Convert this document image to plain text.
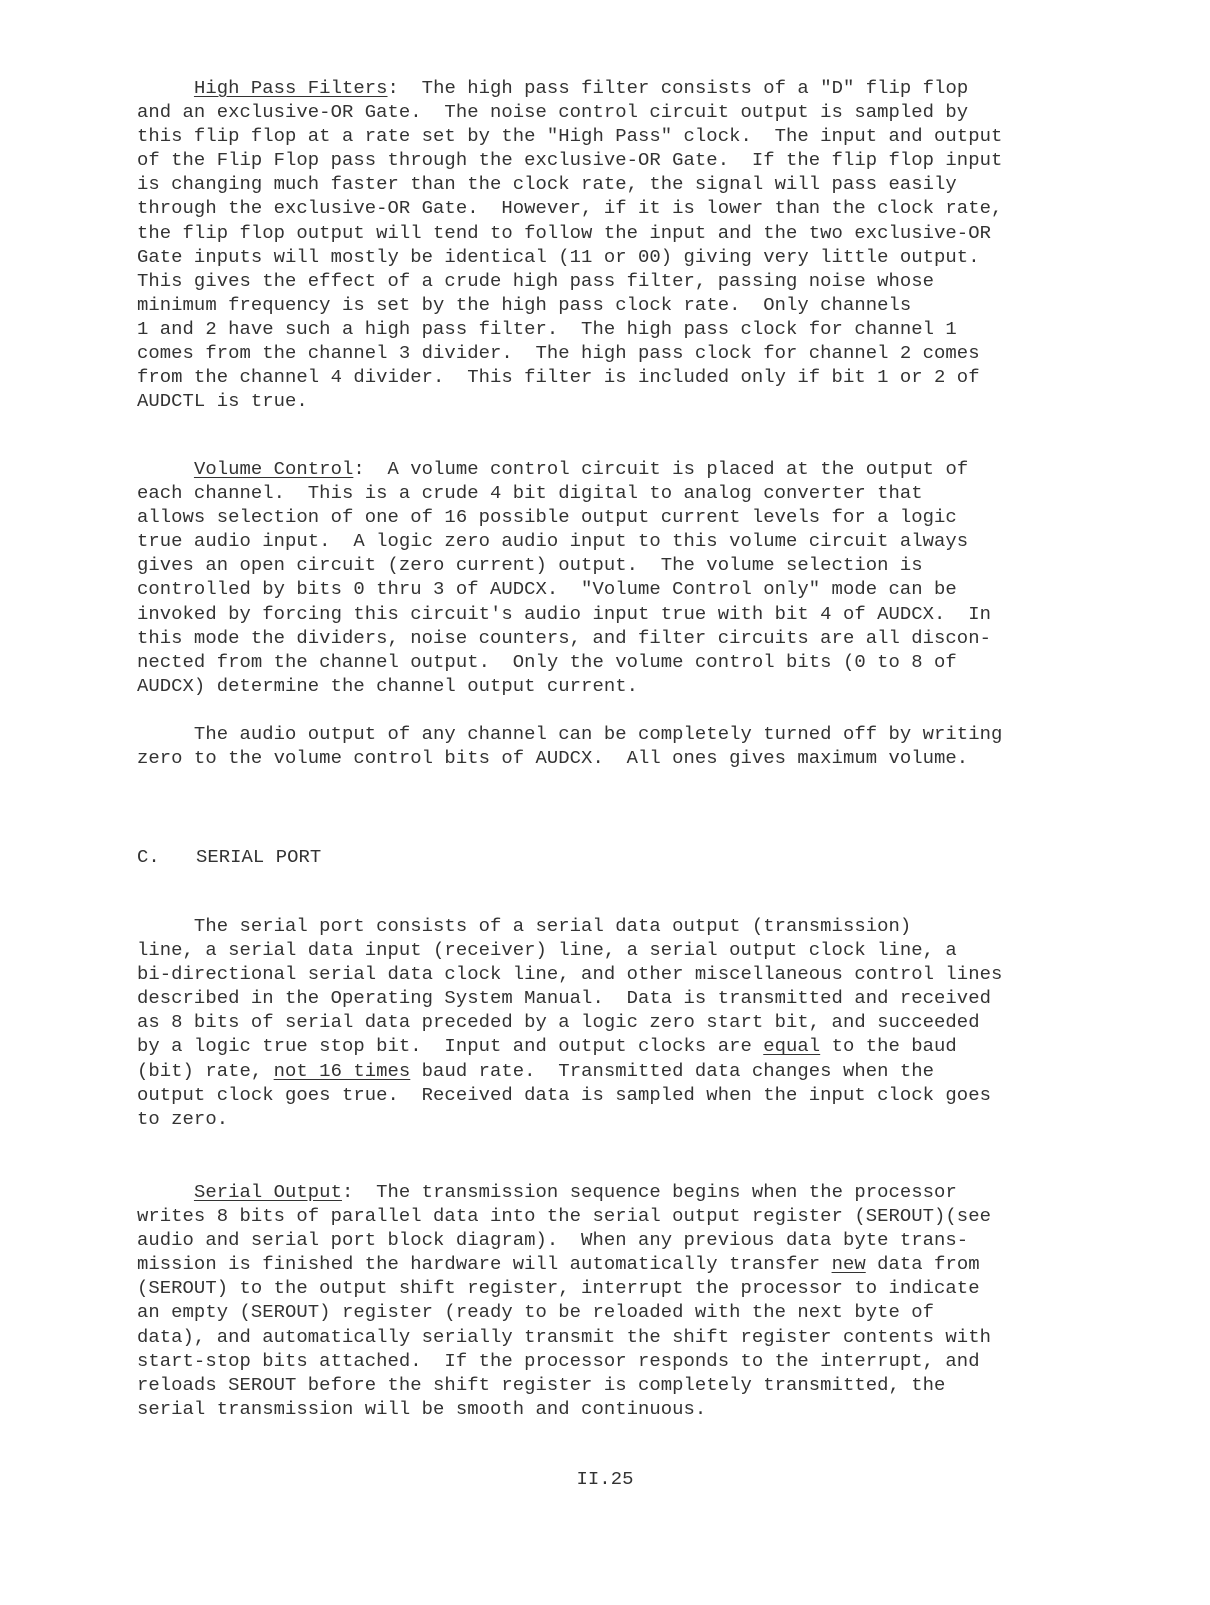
High Pass Filters:  The high pass filter consists of a "D" flip flop
and an exclusive-OR Gate.  The noise control circuit output is sampled by
this flip flop at a rate set by the "High Pass" clock.  The input and output
of the Flip Flop pass through the exclusive-OR Gate.  If the flip flop input
is changing much faster than the clock rate, the signal will pass easily
through the exclusive-OR Gate.  However, if it is lower than the clock rate,
the flip flop output will tend to follow the input and the two exclusive-OR
Gate inputs will mostly be identical (11 or 00) giving very little output.
This gives the effect of a crude high pass filter, passing noise whose
minimum frequency is set by the high pass clock rate.  Only channels
1 and 2 have such a high pass filter.  The high pass clock for channel 1
comes from the channel 3 divider.  The high pass clock for channel 2 comes
from the channel 4 divider.  This filter is included only if bit 1 or 2 of
AUDCTL is true.
Volume Control:  A volume control circuit is placed at the output of
each channel.  This is a crude 4 bit digital to analog converter that
allows selection of one of 16 possible output current levels for a logic
true audio input.  A logic zero audio input to this volume circuit always
gives an open circuit (zero current) output.  The volume selection is
controlled by bits 0 thru 3 of AUDCX.  "Volume Control only" mode can be
invoked by forcing this circuit's audio input true with bit 4 of AUDCX.  In
this mode the dividers, noise counters, and filter circuits are all discon-
nected from the channel output.  Only the volume control bits (0 to 8 of
AUDCX) determine the channel output current.
The audio output of any channel can be completely turned off by writing
zero to the volume control bits of AUDCX.  All ones gives maximum volume.
C. SERIAL PORT
The serial port consists of a serial data output (transmission)
line, a serial data input (receiver) line, a serial output clock line, a
bi-directional serial data clock line, and other miscellaneous control lines
described in the Operating System Manual.  Data is transmitted and received
as 8 bits of serial data preceded by a logic zero start bit, and succeeded
by a logic true stop bit.  Input and output clocks are equal to the baud
(bit) rate, not 16 times baud rate.  Transmitted data changes when the
output clock goes true.  Received data is sampled when the input clock goes
to zero.
Serial Output:  The transmission sequence begins when the processor
writes 8 bits of parallel data into the serial output register (SEROUT)(see
audio and serial port block diagram).  When any previous data byte trans-
mission is finished the hardware will automatically transfer new data from
(SEROUT) to the output shift register, interrupt the processor to indicate
an empty (SEROUT) register (ready to be reloaded with the next byte of
data), and automatically serially transmit the shift register contents with
start-stop bits attached.  If the processor responds to the interrupt, and
reloads SEROUT before the shift register is completely transmitted, the
serial transmission will be smooth and continuous.
II.25
